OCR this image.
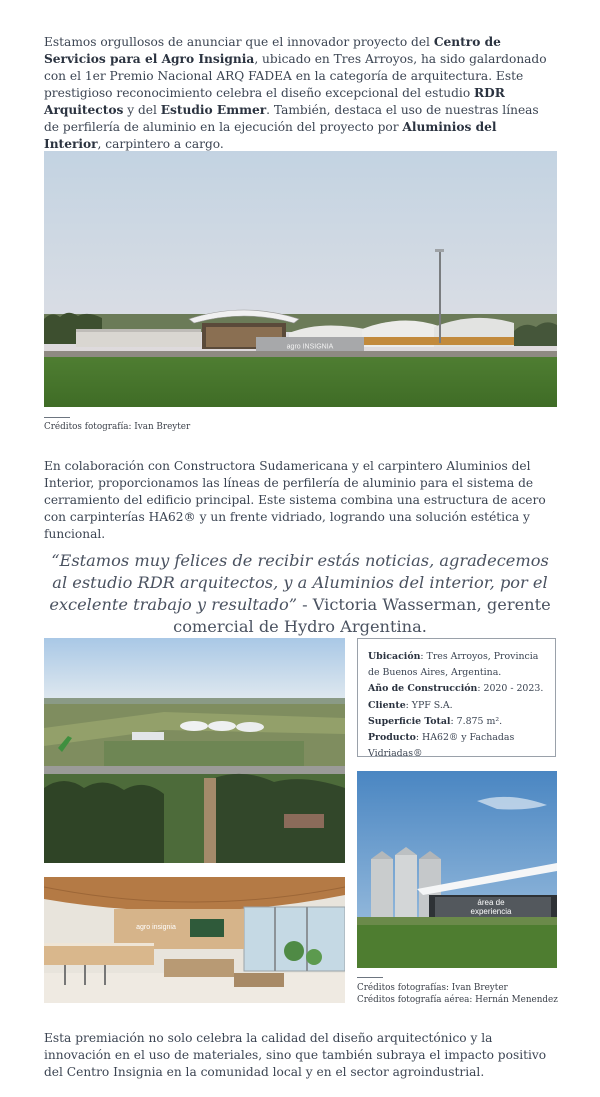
Estamos orgullosos de anunciar que el innovador proyecto del Centro de Servicios para el Agro Insignia, ubicado en Tres Arroyos, ha sido galardonado con el 1er Premio Nacional ARQ FADEA en la categoría de arquitectura. Este prestigioso reconocimiento celebra el diseño excepcional del estudio RDR Arquitectos y del Estudio Emmer. También, destaca el uso de nuestras líneas de perfilería de aluminio en la ejecución del proyecto por Aluminios del Interior, carpintero a cargo.

agro INSIGNIA
Créditos fotografía: Ivan Breyter

En colaboración con Constructora Sudamericana y el carpintero Aluminios del Interior, proporcionamos las líneas de perfilería de aluminio para el sistema de cerramiento del edificio principal. Este sistema combina una estructura de acero con carpinterías HA62® y un frente vidriado, logrando una solución estética y funcional.

“Estamos muy felices de recibir estás noticias, agradecemos al estudio RDR arquitectos, y a Aluminios del interior, por el excelente trabajo y resultado” - Victoria Wasserman, gerente comercial de Hydro Argentina.
Ubicación: Tres Arroyos, Provincia de Buenos Aires, Argentina.
Año de Construcción: 2020 - 2023.
Cliente: YPF S.A.
Superficie Total: 7.875 m².
Producto: HA62® y Fachadas Vidriadas®
área de
experiencia
Créditos fotografías: Ivan Breyter
Créditos fotografía aérea: Hernán Menendez
agro insignia

Esta premiación no solo celebra la calidad del diseño arquitectónico y la innovación en el uso de materiales, sino que también subraya el impacto positivo del Centro Insignia en la comunidad local y en el sector agroindustrial.
